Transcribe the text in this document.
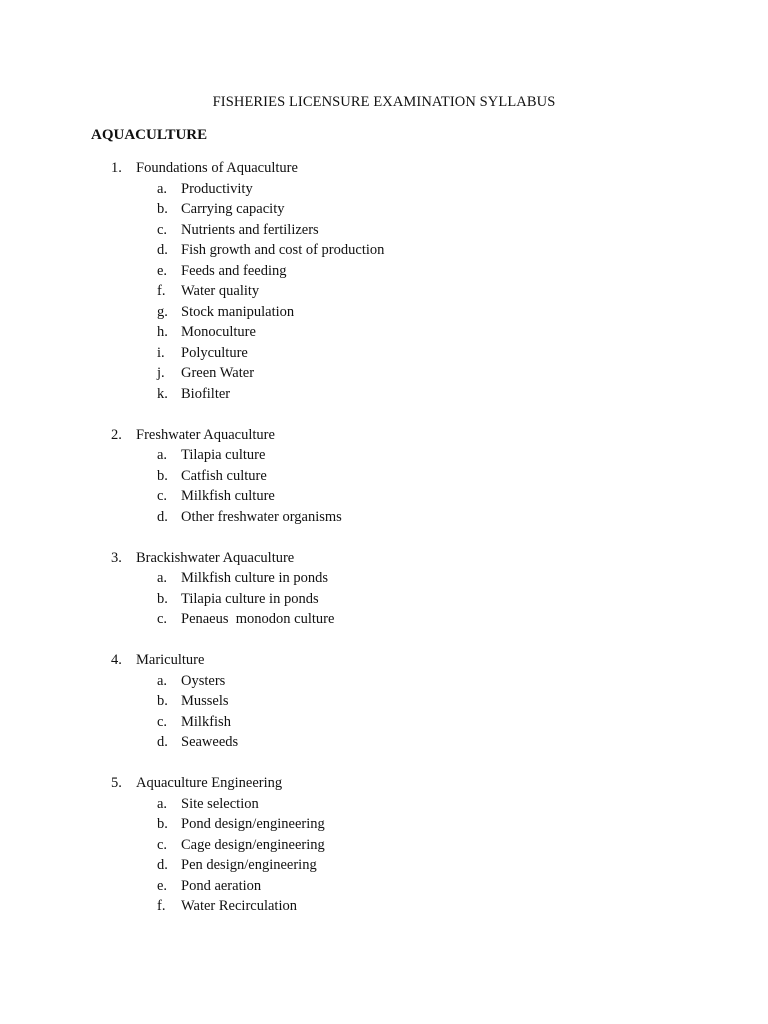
FISHERIES LICENSURE EXAMINATION SYLLABUS
AQUACULTURE
1. Foundations of Aquaculture
a. Productivity
b. Carrying capacity
c. Nutrients and fertilizers
d. Fish growth and cost of production
e. Feeds and feeding
f. Water quality
g. Stock manipulation
h. Monoculture
i. Polyculture
j. Green Water
k. Biofilter
2. Freshwater Aquaculture
a. Tilapia culture
b. Catfish culture
c. Milkfish culture
d. Other freshwater organisms
3. Brackishwater Aquaculture
a. Milkfish culture in ponds
b. Tilapia culture in ponds
c. Penaeus  monodon culture
4. Mariculture
a. Oysters
b. Mussels
c. Milkfish
d. Seaweeds
5. Aquaculture Engineering
a. Site selection
b. Pond design/engineering
c. Cage design/engineering
d. Pen design/engineering
e. Pond aeration
f. Water Recirculation
